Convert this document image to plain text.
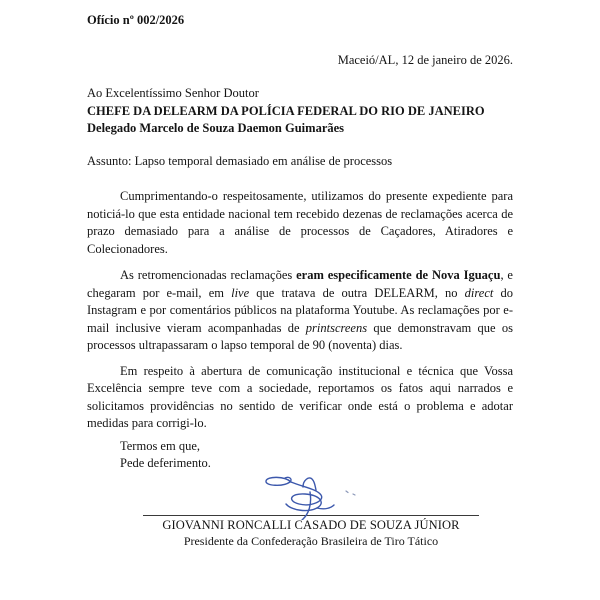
Ofício nº 002/2026

Maceió/AL, 12 de janeiro de 2026.

Ao Excelentíssimo Senhor Doutor

CHEFE DA DELEARM DA POLÍCIA FEDERAL DO RIO DE JANEIRO

Delegado Marcelo de Souza Daemon Guimarães

Assunto: Lapso temporal demasiado em análise de processos

Cumprimentando-o respeitosamente, utilizamos do presente expediente para noticiá-lo que esta entidade nacional tem recebido dezenas de reclamações acerca de prazo demasiado para a análise de processos de Caçadores, Atiradores e Colecionadores.

As retromencionadas reclamações eram especificamente de Nova Iguaçu, e chegaram por e-mail, em live que tratava de outra DELEARM, no direct do Instagram e por comentários públicos na plataforma Youtube. As reclamações por e-mail inclusive vieram acompanhadas de printscreens que demonstravam que os processos ultrapassaram o lapso temporal de 90 (noventa) dias.

Em respeito à abertura de comunicação institucional e técnica que Vossa Excelência sempre teve com a sociedade, reportamos os fatos aqui narrados e solicitamos providências no sentido de verificar onde está o problema e adotar medidas para corrigi-lo.

Termos em que,

Pede deferimento.

GIOVANNI RONCALLI CASADO DE SOUZA JÚNIOR

Presidente da Confederação Brasileira de Tiro Tático
